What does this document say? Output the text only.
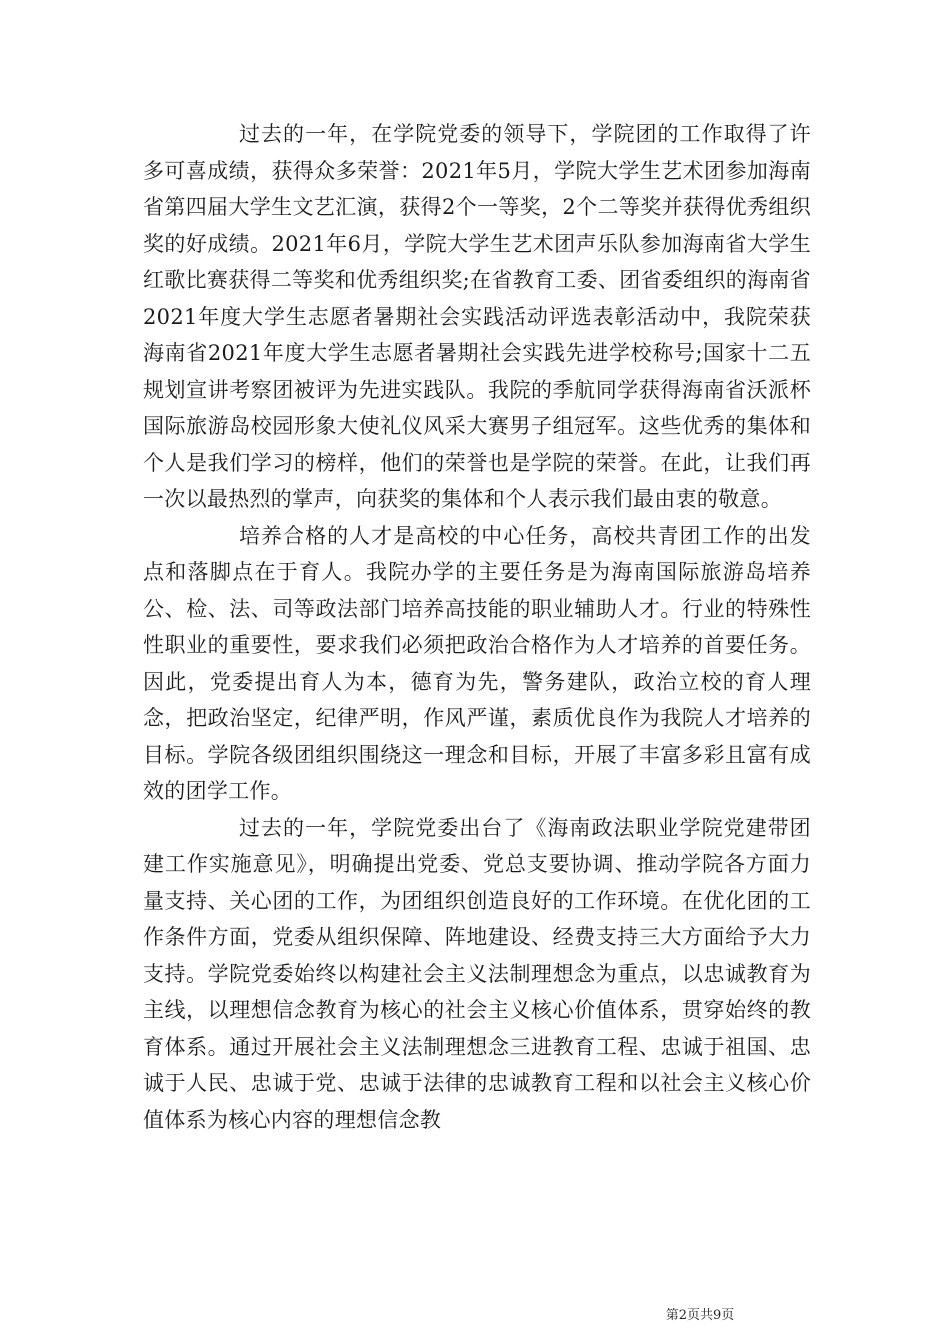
过去的一年，在学院党委的领导下，学院团的工作取得了许多可喜成绩，获得众多荣誉：2021年5月，学院大学生艺术团参加海南省第四届大学生文艺汇演，获得2个一等奖，2个二等奖并获得优秀组织奖的好成绩。2021年6月，学院大学生艺术团声乐队参加海南省大学生红歌比赛获得二等奖和优秀组织奖;在省教育工委、团省委组织的海南省2021年度大学生志愿者暑期社会实践活动评选表彰活动中，我院荣获海南省2021年度大学生志愿者暑期社会实践先进学校称号;国家十二五规划宣讲考察团被评为先进实践队。我院的季航同学获得海南省沃派杯国际旅游岛校园形象大使礼仪风采大赛男子组冠军。这些优秀的集体和个人是我们学习的榜样，他们的荣誉也是学院的荣誉。在此，让我们再一次以最热烈的掌声，向获奖的集体和个人表示我们最由衷的敬意。

培养合格的人才是高校的中心任务，高校共青团工作的出发点和落脚点在于育人。我院办学的主要任务是为海南国际旅游岛培养公、检、法、司等政法部门培养高技能的职业辅助人才。行业的特殊性性职业的重要性，要求我们必须把政治合格作为人才培养的首要任务。因此，党委提出育人为本，德育为先，警务建队，政治立校的育人理念，把政治坚定，纪律严明，作风严谨，素质优良作为我院人才培养的目标。学院各级团组织围绕这一理念和目标，开展了丰富多彩且富有成效的团学工作。

过去的一年，学院党委出台了《海南政法职业学院党建带团建工作实施意见》，明确提出党委、党总支要协调、推动学院各方面力量支持、关心团的工作，为团组织创造良好的工作环境。在优化团的工作条件方面，党委从组织保障、阵地建设、经费支持三大方面给予大力支持。学院党委始终以构建社会主义法制理想念为重点，以忠诚教育为主线，以理想信念教育为核心的社会主义核心价值体系，贯穿始终的教育体系。通过开展社会主义法制理想念三进教育工程、忠诚于祖国、忠诚于人民、忠诚于党、忠诚于法律的忠诚教育工程和以社会主义核心价值体系为核心内容的理想信念教

第2页共9页
